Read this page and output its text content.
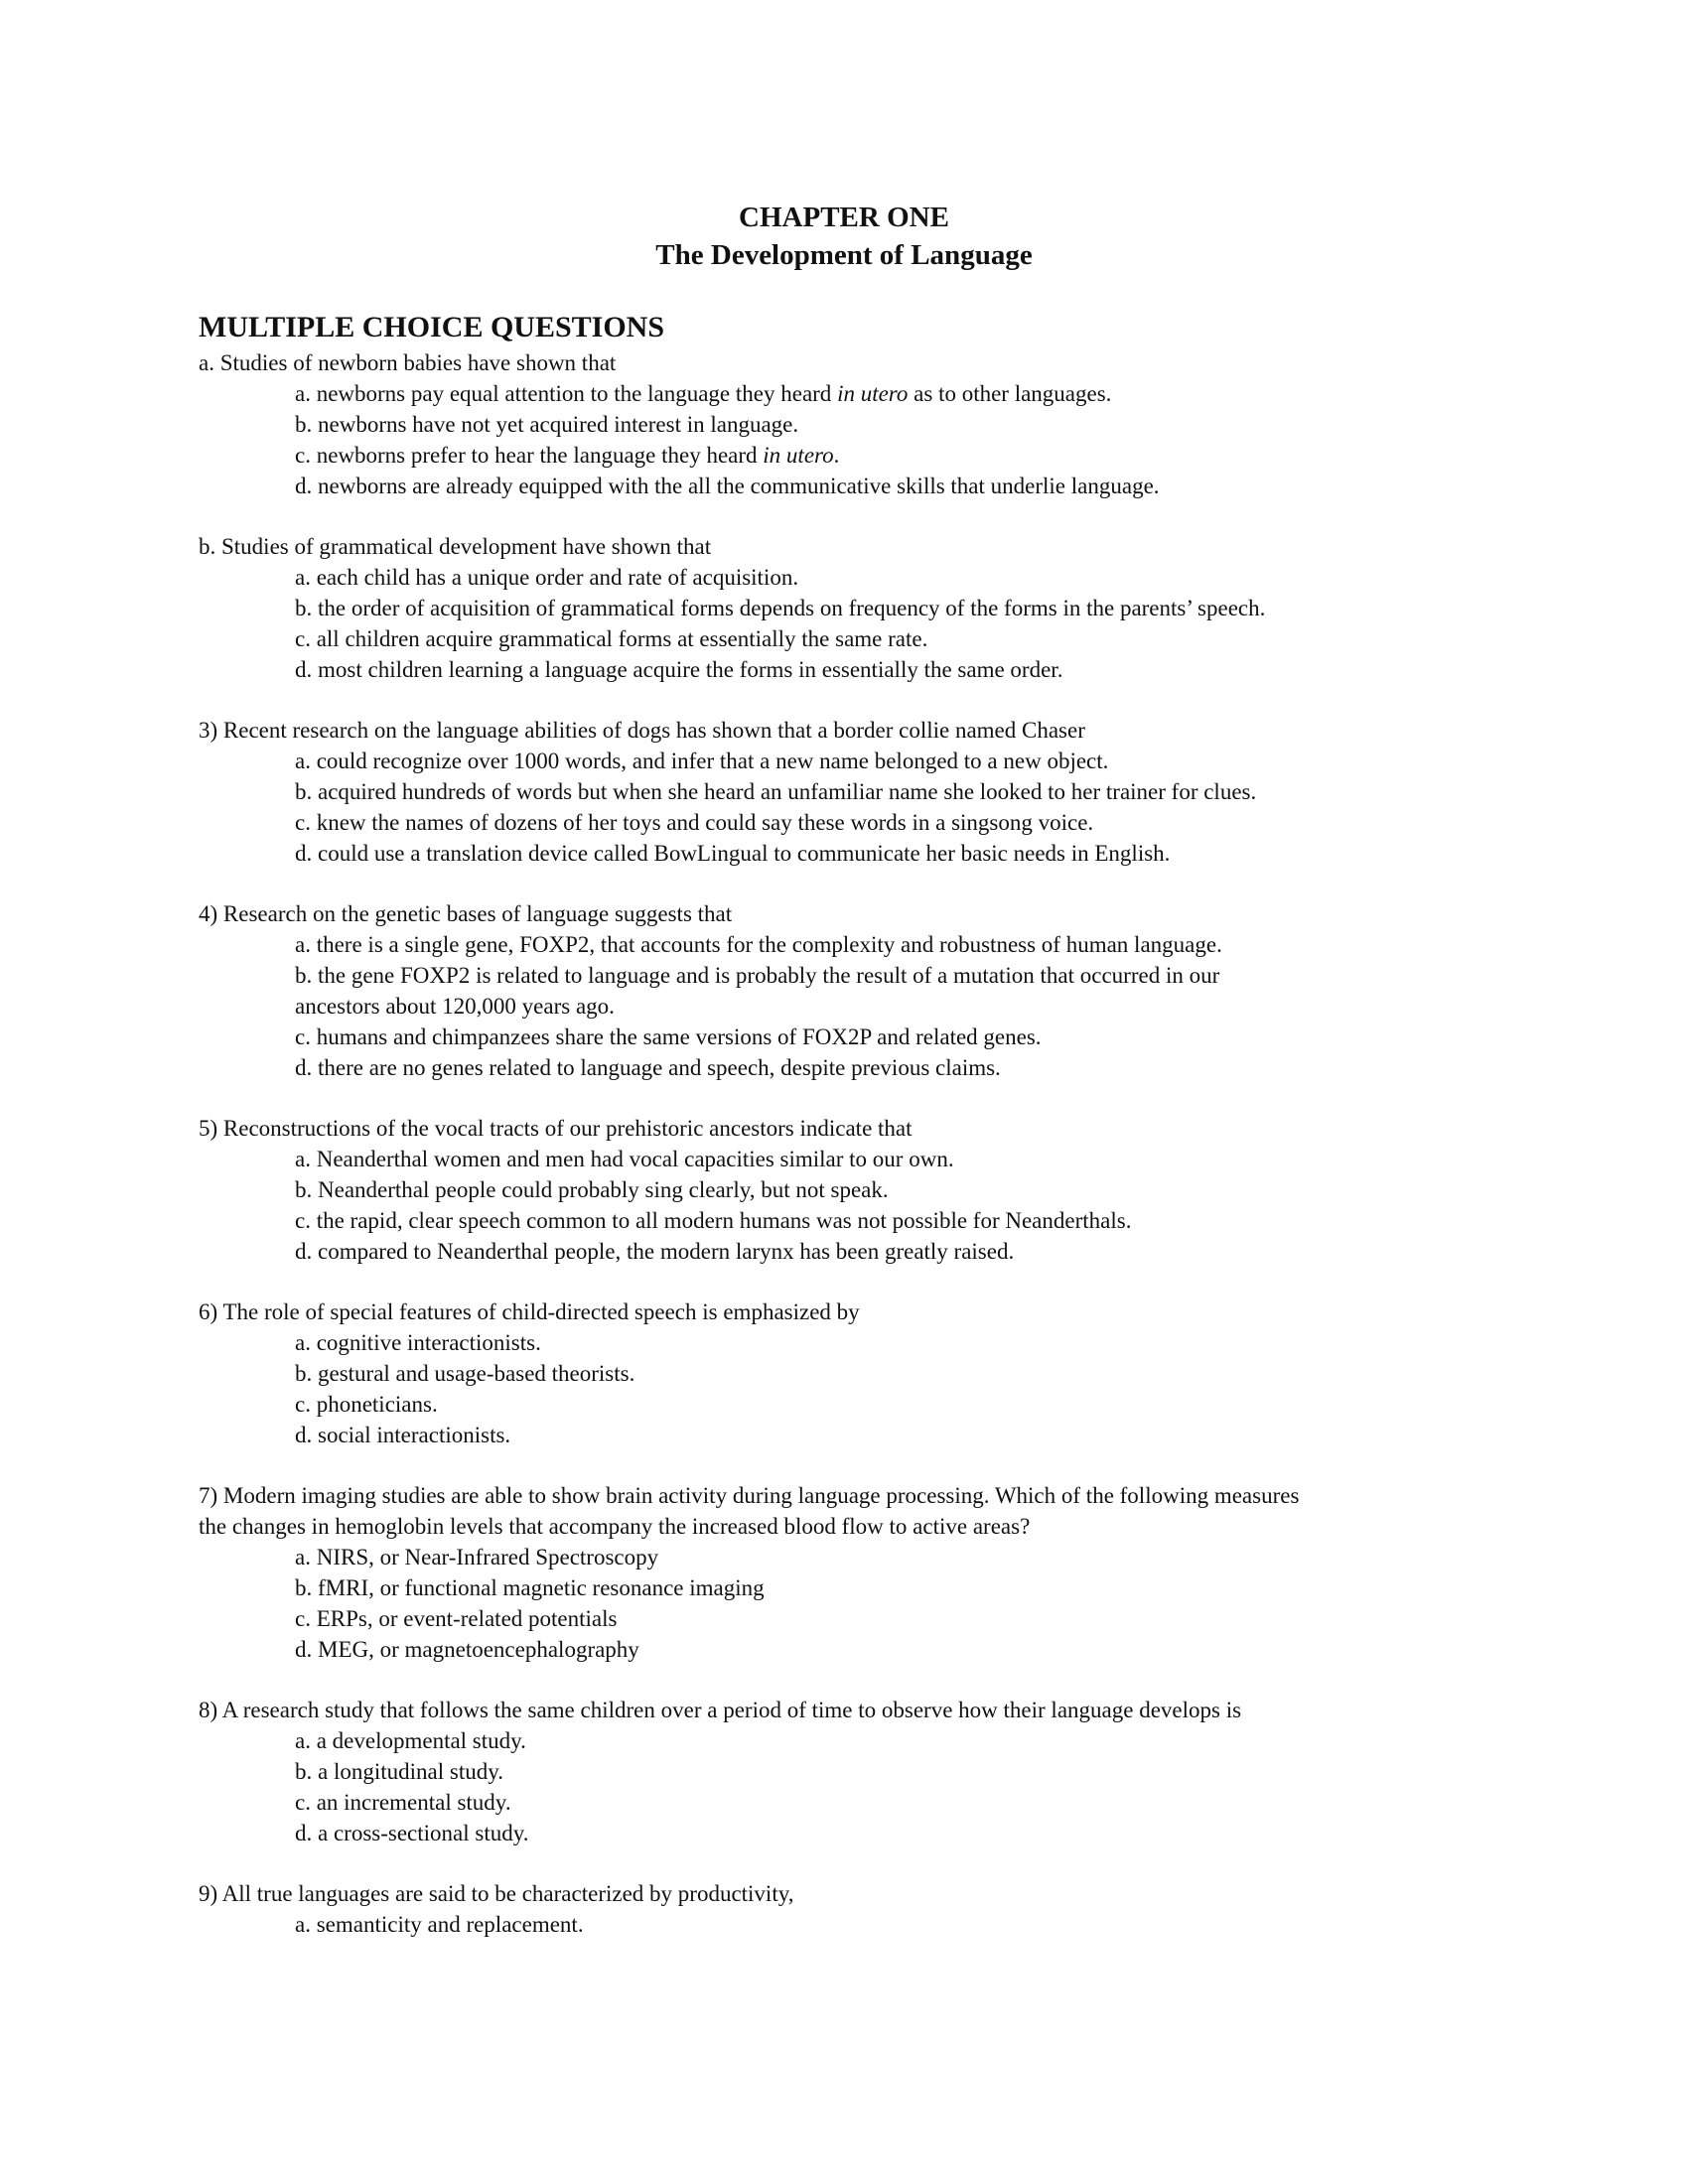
CHAPTER ONE
The Development of Language
MULTIPLE CHOICE QUESTIONS

a. Studies of newborn babies have shown that

a. newborns pay equal attention to the language they heard in utero as to other languages.
b. newborns have not yet acquired interest in language.
c. newborns prefer to hear the language they heard in utero.
d. newborns are already equipped with the all the communicative skills that underlie language.

b. Studies of grammatical development have shown that

a. each child has a unique order and rate of acquisition.
b. the order of acquisition of grammatical forms depends on frequency of the forms in the parents’ speech.
c. all children acquire grammatical forms at essentially the same rate.
d. most children learning a language acquire the forms in essentially the same order.

3) Recent research on the language abilities of dogs has shown that a border collie named Chaser

a. could recognize over 1000 words, and infer that a new name belonged to a new object.
b. acquired hundreds of words but when she heard an unfamiliar name she looked to her trainer for clues.
c. knew the names of dozens of her toys and could say these words in a singsong voice.
d. could use a translation device called BowLingual to communicate her basic needs in English.

4) Research on the genetic bases of language suggests that

a. there is a single gene, FOXP2, that accounts for the complexity and robustness of human language.
b. the gene FOXP2 is related to language and is probably the result of a mutation that occurred in our
ancestors about 120,000 years ago.
c. humans and chimpanzees share the same versions of FOX2P and related genes.
d. there are no genes related to language and speech, despite previous claims.

5) Reconstructions of the vocal tracts of our prehistoric ancestors indicate that

a. Neanderthal women and men had vocal capacities similar to our own.
b. Neanderthal people could probably sing clearly, but not speak.
c. the rapid, clear speech common to all modern humans was not possible for Neanderthals.
d. compared to Neanderthal people, the modern larynx has been greatly raised.

6) The role of special features of child-directed speech is emphasized by

a. cognitive interactionists.
b. gestural and usage-based theorists.
c. phoneticians.
d. social interactionists.

7) Modern imaging studies are able to show brain activity during language processing. Which of the following measures

the changes in hemoglobin levels that accompany the increased blood flow to active areas?

a. NIRS, or Near-Infrared Spectroscopy
b. fMRI, or functional magnetic resonance imaging
c. ERPs, or event-related potentials
d. MEG, or magnetoencephalography

8) A research study that follows the same children over a period of time to observe how their language develops is

a. a developmental study.
b. a longitudinal study.
c. an incremental study.
d. a cross-sectional study.

9) All true languages are said to be characterized by productivity,

a. semanticity and replacement.
